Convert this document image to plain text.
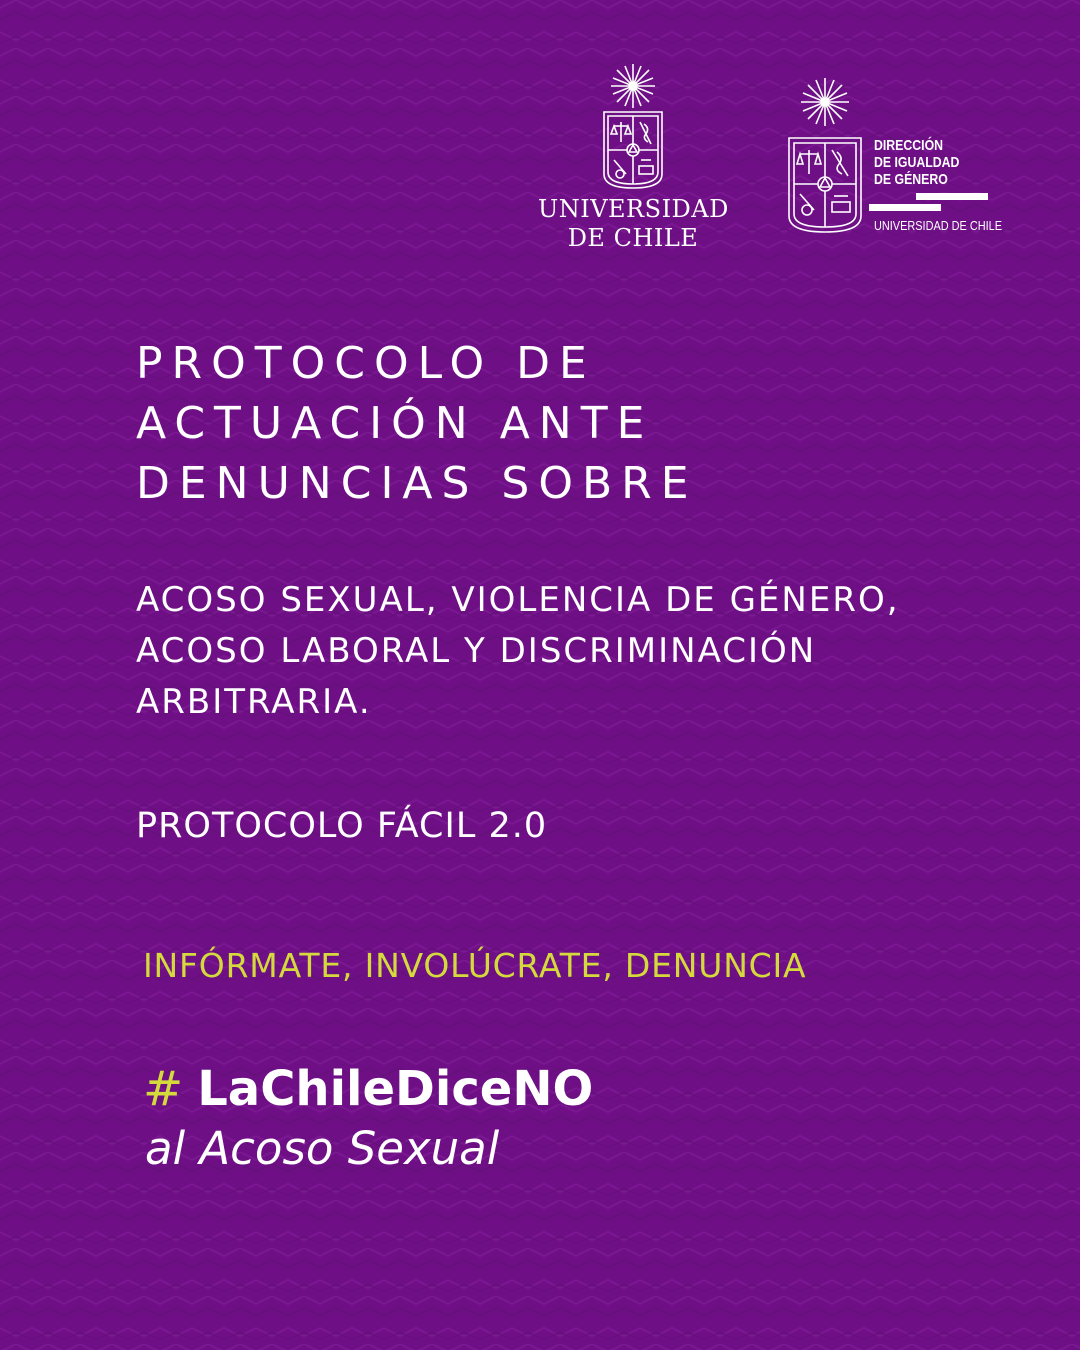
UNIVERSIDAD
DE CHILE
DIRECCIÓN
DE IGUALDAD
DE GÉNERO
UNIVERSIDAD DE CHILE
PROTOCOLO DE
ACTUACIÓN ANTE
DENUNCIAS SOBRE
ACOSO SEXUAL, VIOLENCIA DE GÉNERO,
ACOSO LABORAL Y DISCRIMINACIÓN
ARBITRARIA.
PROTOCOLO FÁCIL 2.0
INFÓRMATE, INVOLÚCRATE, DENUNCIA
# LaChileDiceNO
al Acoso Sexual
